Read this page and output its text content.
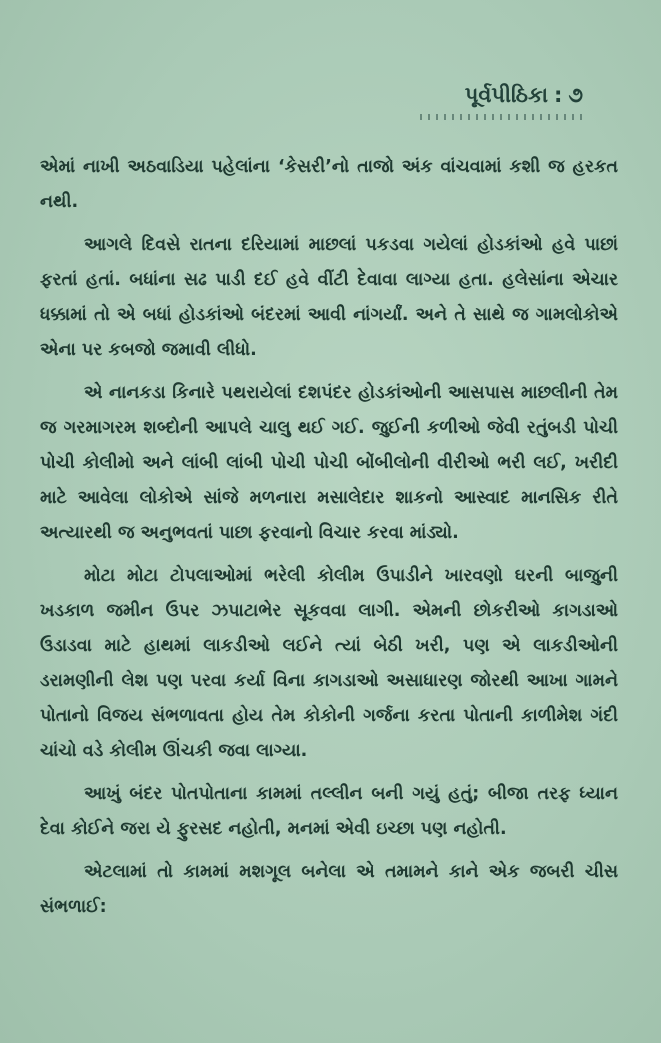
પૂર્વપીઠિકા : ૭

એમાં નાખી અઠવાડિયા પહેલાંના ‘કેસરી’નો તાજો અંક વાંચવામાં કશી જ હરકત નથી.

આગલે દિવસે રાતના દરિયામાં માછલાં પકડવા ગયેલાં હોડકાંઓ હવે પાછાં ફરતાં હતાં. બધાંના સઢ પાડી દઈ હવે વીંટી દેવાવા લાગ્યા હતા. હલેસાંના એચાર ધક્કામાં તો એ બધાં હોડકાંઓ બંદરમાં આવી નાંગર્યાં. અને તે સાથે જ ગામલોકોએ એના પર કબજો જમાવી લીધો.

એ નાનકડા કિનારે પથરાયેલાં દશપંદર હોડકાંઓની આસપાસ માછલીની તેમ જ ગરમાગરમ શબ્દોની આપલે ચાલુ થઈ ગઈ. જુઈની કળીઓ જેવી રતુંબડી પોચી પોચી કોલીમો અને લાંબી લાંબી પોચી પોચી બોંબીલોની વીરીઓ ભરી લઈ, ખરીદી માટે આવેલા લોકોએ સાંજે મળનારા મસાલેદાર શાકનો આસ્વાદ માનસિક રીતે અત્યારથી જ અનુભવતાં પાછા ફરવાનો વિચાર કરવા માંડ્યો.

મોટા મોટા ટોપલાઓમાં ભરેલી કોલીમ ઉપાડીને ખારવણો ઘરની બાજુની ખડકાળ જમીન ઉપર ઝપાટાભેર સૂકવવા લાગી. એમની છોકરીઓ કાગડાઓ ઉડાડવા માટે હાથમાં લાકડીઓ લઈને ત્યાં બેઠી ખરી, પણ એ લાકડીઓની ડરામણીની લેશ પણ પરવા કર્યા વિના કાગડાઓ અસાધારણ જોરથી આખા ગામને પોતાનો વિજય સંભળાવતા હોય તેમ કોકોની ગર્જના કરતા પોતાની કાળીમેશ ગંદી ચાંચો વડે કોલીમ ઊંચકી જવા લાગ્યા.

આખું બંદર પોતપોતાના કામમાં તલ્લીન બની ગયું હતું; બીજા તરફ ધ્યાન દેવા કોઈને જરા યે ફુરસદ નહોતી, મનમાં એવી ઇચ્છા પણ નહોતી.

એટલામાં તો કામમાં મશગૂલ બનેલા એ તમામને કાને એક જબરી ચીસ સંભળાઈ:
